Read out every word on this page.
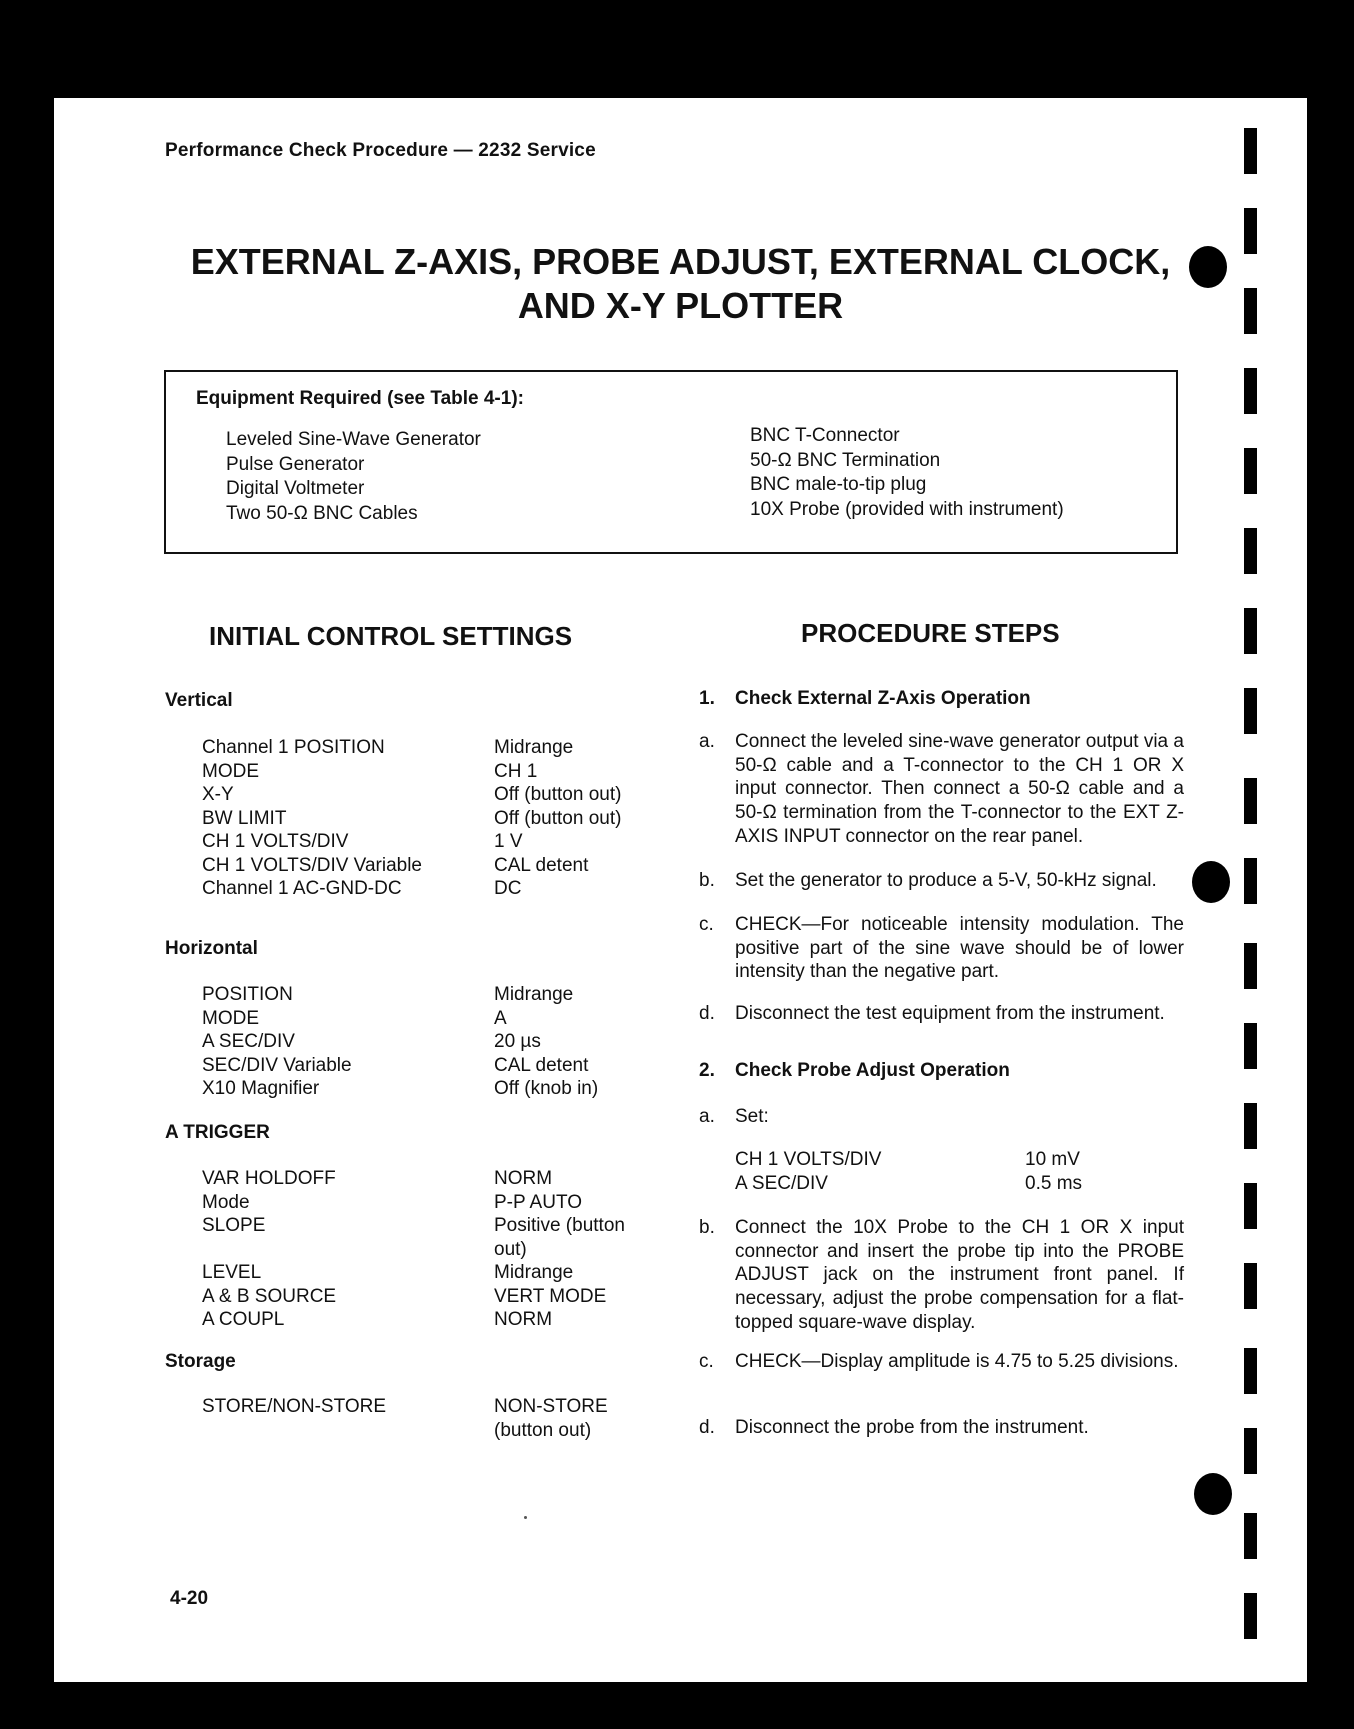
Performance Check Procedure — 2232 Service
EXTERNAL Z-AXIS, PROBE ADJUST, EXTERNAL CLOCK,
AND X-Y PLOTTER
Equipment Required (see Table 4-1):
Leveled Sine-Wave Generator
Pulse Generator
Digital Voltmeter
Two 50-Ω BNC Cables
BNC T-Connector
50-Ω BNC Termination
BNC male-to-tip plug
10X Probe (provided with instrument)
INITIAL CONTROL SETTINGS
Vertical
Channel 1 POSITION	Midrange
MODE	CH 1
X-Y	Off (button out)
BW LIMIT	Off (button out)
CH 1 VOLTS/DIV	1 V
CH 1 VOLTS/DIV Variable	CAL detent
Channel 1 AC-GND-DC	DC
Horizontal
POSITION	Midrange
MODE	A
A SEC/DIV	20 µs
SEC/DIV Variable	CAL detent
X10 Magnifier	Off (knob in)
A TRIGGER
VAR HOLDOFF	NORM
Mode	P-P AUTO
SLOPE	Positive (button
out)
LEVEL	Midrange
A & B SOURCE	VERT MODE
A COUPL	NORM
Storage
STORE/NON-STORE	NON-STORE
(button out)
PROCEDURE STEPS
1. Check External Z-Axis Operation
a.	Connect the leveled sine-wave generator output via a 50-Ω cable and a T-connector to the CH 1 OR X input connector. Then connect a 50-Ω cable and a 50-Ω termination from the T-connector to the EXT Z-AXIS INPUT connector on the rear panel.
b.	Set the generator to produce a 5-V, 50-kHz signal.
c.	CHECK—For noticeable intensity modulation. The positive part of the sine wave should be of lower intensity than the negative part.
d.	Disconnect the test equipment from the instrument.
2. Check Probe Adjust Operation
a.	Set:
CH 1 VOLTS/DIV	10 mV
A SEC/DIV	0.5 ms
b.	Connect the 10X Probe to the CH 1 OR X input connector and insert the probe tip into the PROBE ADJUST jack on the instrument front panel. If necessary, adjust the probe compensation for a flat-topped square-wave display.
c.	CHECK—Display amplitude is 4.75 to 5.25 divisions.
d.	Disconnect the probe from the instrument.
4-20
